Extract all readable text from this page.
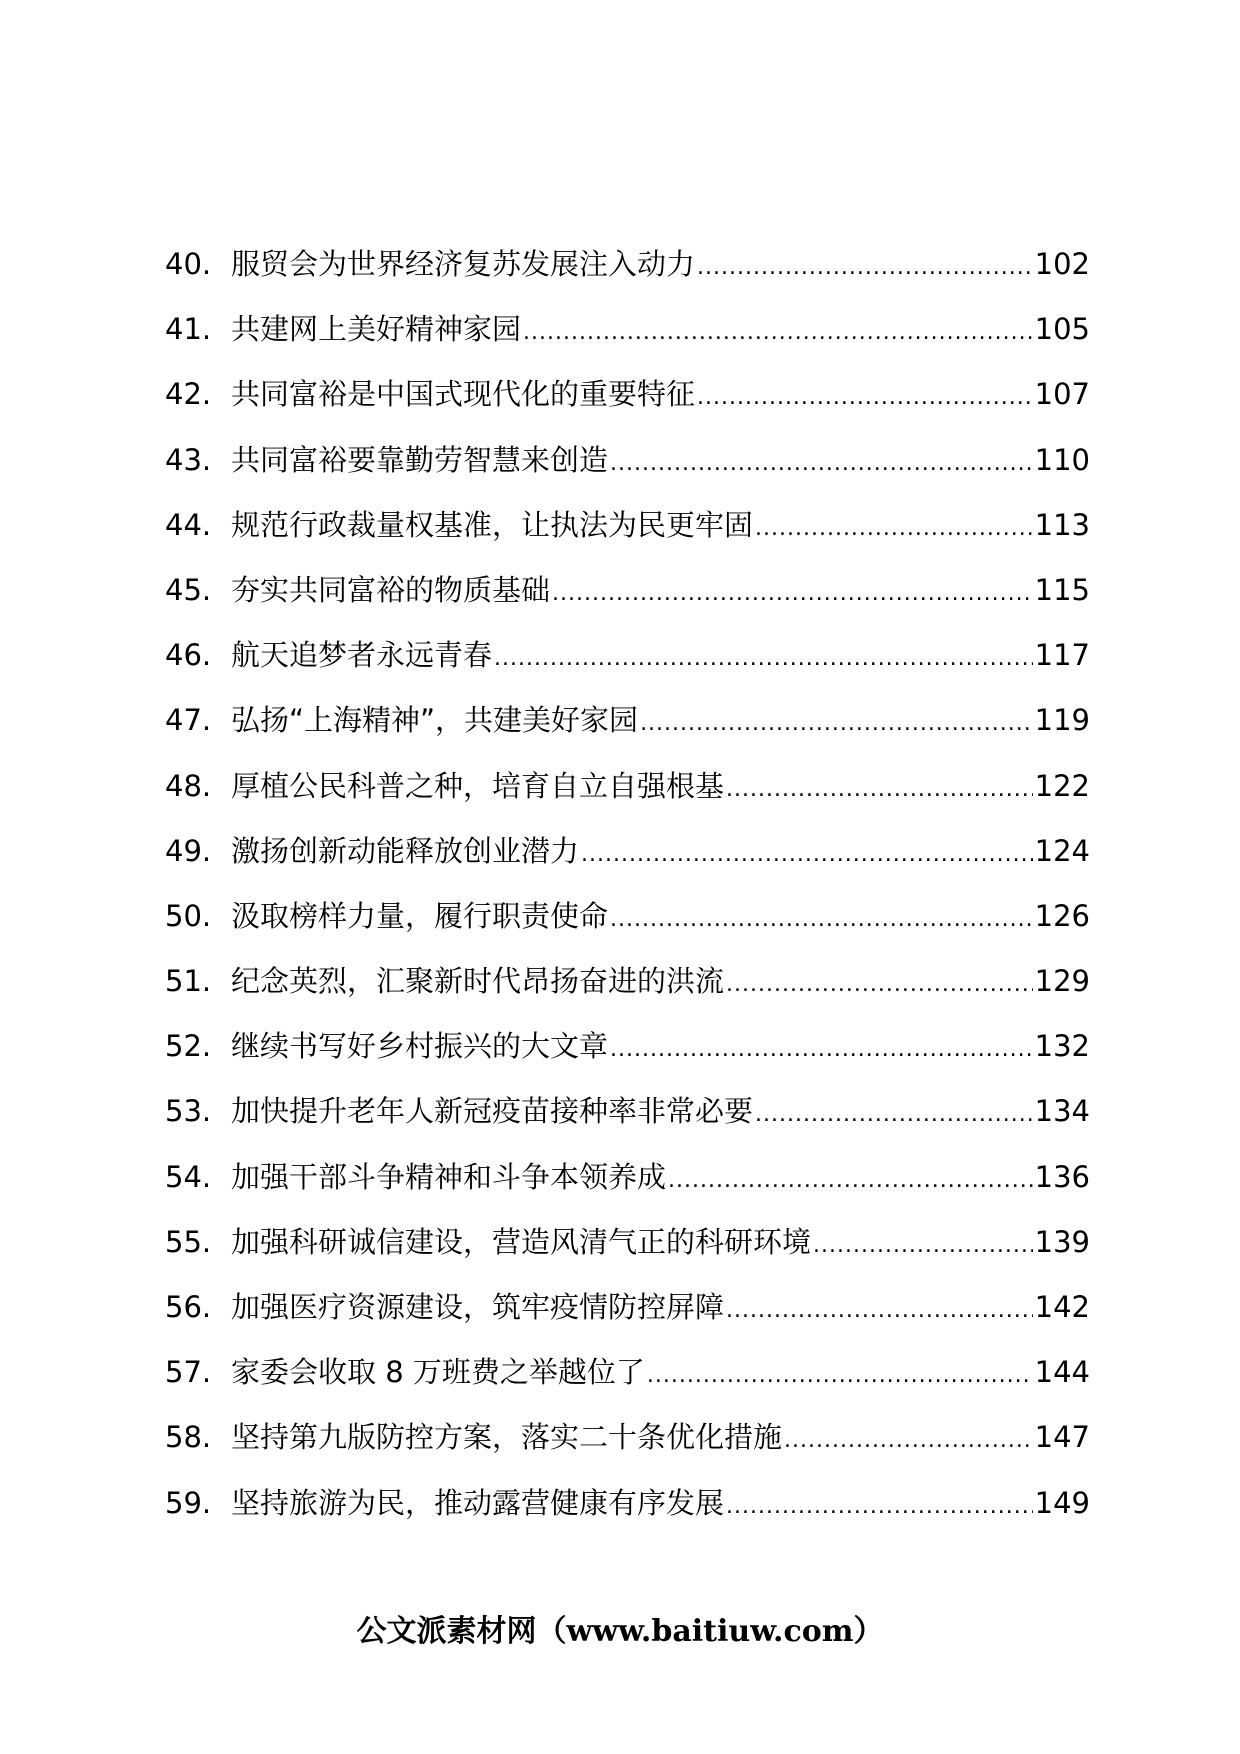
40. 服贸会为世界经济复苏发展注入动力 .....	102
41. 共建网上美好精神家园 .....	105
42. 共同富裕是中国式现代化的重要特征 .....	107
43. 共同富裕要靠勤劳智慧来创造 .....	110
44. 规范行政裁量权基准，让执法为民更牢固 .....	113
45. 夯实共同富裕的物质基础 .....	115
46. 航天追梦者永远青春 .....	117
47. 弘扬“上海精神”，共建美好家园 .....	119
48. 厚植公民科普之种，培育自立自强根基 .....	122
49. 激扬创新动能释放创业潜力 .....	124
50. 汲取榜样力量，履行职责使命 .....	126
51. 纪念英烈，汇聚新时代昂扬奋进的洪流 .....	129
52. 继续书写好乡村振兴的大文章 .....	132
53. 加快提升老年人新冠疫苗接种率非常必要 .....	134
54. 加强干部斗争精神和斗争本领养成 .....	136
55. 加强科研诚信建设，营造风清气正的科研环境 .....	139
56. 加强医疗资源建设，筑牢疫情防控屏障 .....	142
57. 家委会收取 8 万班费之举越位了 .....	144
58. 坚持第九版防控方案，落实二十条优化措施 .....	147
59. 坚持旅游为民，推动露营健康有序发展 .....	149
公文派素材网（www.baitiuw.com）
